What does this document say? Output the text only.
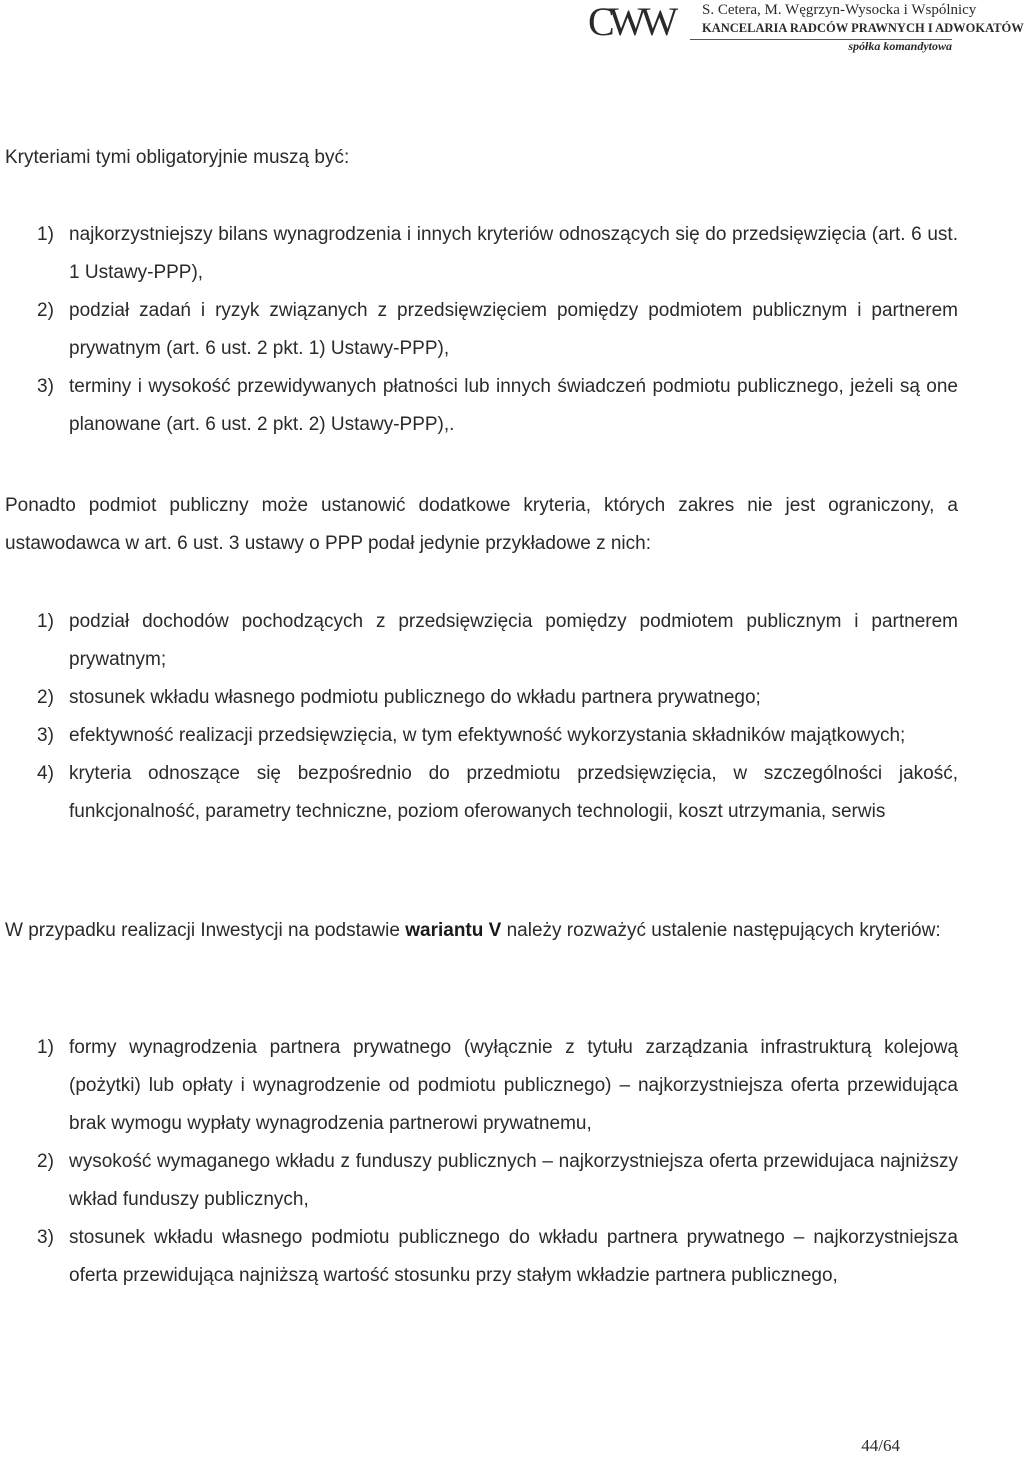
CWW	S. Cetera, M. Węgrzyn-Wysocka i Wspólnicy
KANCELARIA RADCÓW PRAWNYCH I ADWOKATÓW
spółka komandytowa

Kryteriami tymi obligatoryjnie muszą być:

1) najkorzystniejszy bilans wynagrodzenia i innych kryteriów odnoszących się do przedsięwzięcia (art. 6 ust. 1 Ustawy-PPP),
2) podział zadań i ryzyk związanych z przedsięwzięciem pomiędzy podmiotem publicznym i partnerem prywatnym (art. 6 ust. 2 pkt. 1) Ustawy-PPP),
3) terminy i wysokość przewidywanych płatności lub innych świadczeń podmiotu publicznego, jeżeli są one planowane (art. 6 ust. 2 pkt. 2) Ustawy-PPP),.

Ponadto podmiot publiczny może ustanowić dodatkowe kryteria, których zakres nie jest ograniczony, a ustawodawca w art. 6 ust. 3 ustawy o PPP podał jedynie przykładowe z nich:

1) podział dochodów pochodzących z przedsięwzięcia pomiędzy podmiotem publicznym i partnerem prywatnym;
2) stosunek wkładu własnego podmiotu publicznego do wkładu partnera prywatnego;
3) efektywność realizacji przedsięwzięcia, w tym efektywność wykorzystania składników majątkowych;
4) kryteria odnoszące się bezpośrednio do przedmiotu przedsięwzięcia, w szczególności jakość, funkcjonalność, parametry techniczne, poziom oferowanych technologii, koszt utrzymania, serwis

W przypadku realizacji Inwestycji na podstawie wariantu V należy rozważyć ustalenie następujących kryteriów:

1) formy wynagrodzenia partnera prywatnego (wyłącznie z tytułu zarządzania infrastrukturą kolejową (pożytki) lub opłaty i wynagrodzenie od podmiotu publicznego) – najkorzystniejsza oferta przewidująca brak wymogu wypłaty wynagrodzenia partnerowi prywatnemu,
2) wysokość wymaganego wkładu z funduszy publicznych – najkorzystniejsza oferta przewidujaca najniższy wkład funduszy publicznych,
3) stosunek wkładu własnego podmiotu publicznego do wkładu partnera prywatnego – najkorzystniejsza oferta przewidująca najniższą wartość stosunku przy stałym wkładzie partnera publicznego,
44/64
